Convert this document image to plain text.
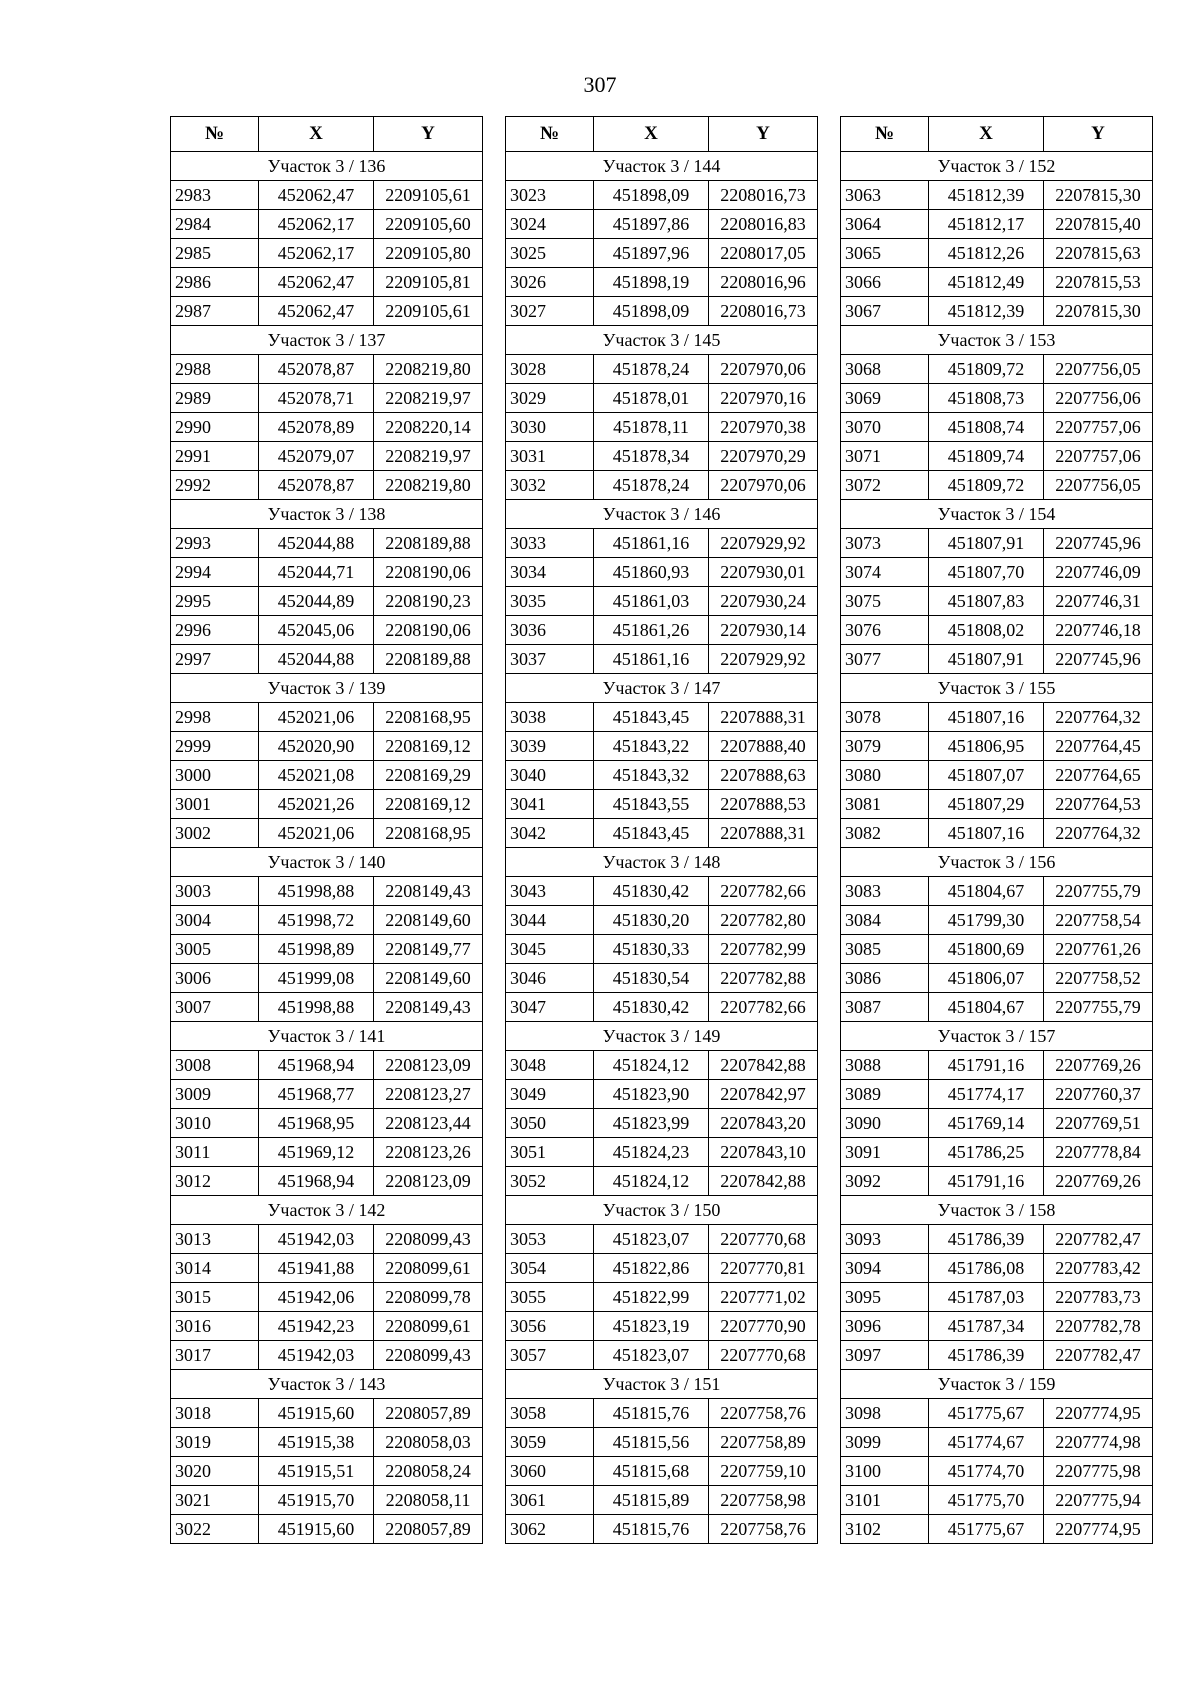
307
№	X	Y
Участок 3 / 136		
2983	452062,47	2209105,61
2984	452062,17	2209105,60
2985	452062,17	2209105,80
2986	452062,47	2209105,81
2987	452062,47	2209105,61
Участок 3 / 137		
2988	452078,87	2208219,80
2989	452078,71	2208219,97
2990	452078,89	2208220,14
2991	452079,07	2208219,97
2992	452078,87	2208219,80
Участок 3 / 138		
2993	452044,88	2208189,88
2994	452044,71	2208190,06
2995	452044,89	2208190,23
2996	452045,06	2208190,06
2997	452044,88	2208189,88
Участок 3 / 139		
2998	452021,06	2208168,95
2999	452020,90	2208169,12
3000	452021,08	2208169,29
3001	452021,26	2208169,12
3002	452021,06	2208168,95
Участок 3 / 140		
3003	451998,88	2208149,43
3004	451998,72	2208149,60
3005	451998,89	2208149,77
3006	451999,08	2208149,60
3007	451998,88	2208149,43
Участок 3 / 141		
3008	451968,94	2208123,09
3009	451968,77	2208123,27
3010	451968,95	2208123,44
3011	451969,12	2208123,26
3012	451968,94	2208123,09
Участок 3 / 142		
3013	451942,03	2208099,43
3014	451941,88	2208099,61
3015	451942,06	2208099,78
3016	451942,23	2208099,61
3017	451942,03	2208099,43
Участок 3 / 143		
3018	451915,60	2208057,89
3019	451915,38	2208058,03
3020	451915,51	2208058,24
3021	451915,70	2208058,11
3022	451915,60	2208057,89
№	X	Y
Участок 3 / 144		
3023	451898,09	2208016,73
3024	451897,86	2208016,83
3025	451897,96	2208017,05
3026	451898,19	2208016,96
3027	451898,09	2208016,73
Участок 3 / 145		
3028	451878,24	2207970,06
3029	451878,01	2207970,16
3030	451878,11	2207970,38
3031	451878,34	2207970,29
3032	451878,24	2207970,06
Участок 3 / 146		
3033	451861,16	2207929,92
3034	451860,93	2207930,01
3035	451861,03	2207930,24
3036	451861,26	2207930,14
3037	451861,16	2207929,92
Участок 3 / 147		
3038	451843,45	2207888,31
3039	451843,22	2207888,40
3040	451843,32	2207888,63
3041	451843,55	2207888,53
3042	451843,45	2207888,31
Участок 3 / 148		
3043	451830,42	2207782,66
3044	451830,20	2207782,80
3045	451830,33	2207782,99
3046	451830,54	2207782,88
3047	451830,42	2207782,66
Участок 3 / 149		
3048	451824,12	2207842,88
3049	451823,90	2207842,97
3050	451823,99	2207843,20
3051	451824,23	2207843,10
3052	451824,12	2207842,88
Участок 3 / 150		
3053	451823,07	2207770,68
3054	451822,86	2207770,81
3055	451822,99	2207771,02
3056	451823,19	2207770,90
3057	451823,07	2207770,68
Участок 3 / 151		
3058	451815,76	2207758,76
3059	451815,56	2207758,89
3060	451815,68	2207759,10
3061	451815,89	2207758,98
3062	451815,76	2207758,76
№	X	Y
Участок 3 / 152		
3063	451812,39	2207815,30
3064	451812,17	2207815,40
3065	451812,26	2207815,63
3066	451812,49	2207815,53
3067	451812,39	2207815,30
Участок 3 / 153		
3068	451809,72	2207756,05
3069	451808,73	2207756,06
3070	451808,74	2207757,06
3071	451809,74	2207757,06
3072	451809,72	2207756,05
Участок 3 / 154		
3073	451807,91	2207745,96
3074	451807,70	2207746,09
3075	451807,83	2207746,31
3076	451808,02	2207746,18
3077	451807,91	2207745,96
Участок 3 / 155		
3078	451807,16	2207764,32
3079	451806,95	2207764,45
3080	451807,07	2207764,65
3081	451807,29	2207764,53
3082	451807,16	2207764,32
Участок 3 / 156		
3083	451804,67	2207755,79
3084	451799,30	2207758,54
3085	451800,69	2207761,26
3086	451806,07	2207758,52
3087	451804,67	2207755,79
Участок 3 / 157		
3088	451791,16	2207769,26
3089	451774,17	2207760,37
3090	451769,14	2207769,51
3091	451786,25	2207778,84
3092	451791,16	2207769,26
Участок 3 / 158		
3093	451786,39	2207782,47
3094	451786,08	2207783,42
3095	451787,03	2207783,73
3096	451787,34	2207782,78
3097	451786,39	2207782,47
Участок 3 / 159		
3098	451775,67	2207774,95
3099	451774,67	2207774,98
3100	451774,70	2207775,98
3101	451775,70	2207775,94
3102	451775,67	2207774,95
